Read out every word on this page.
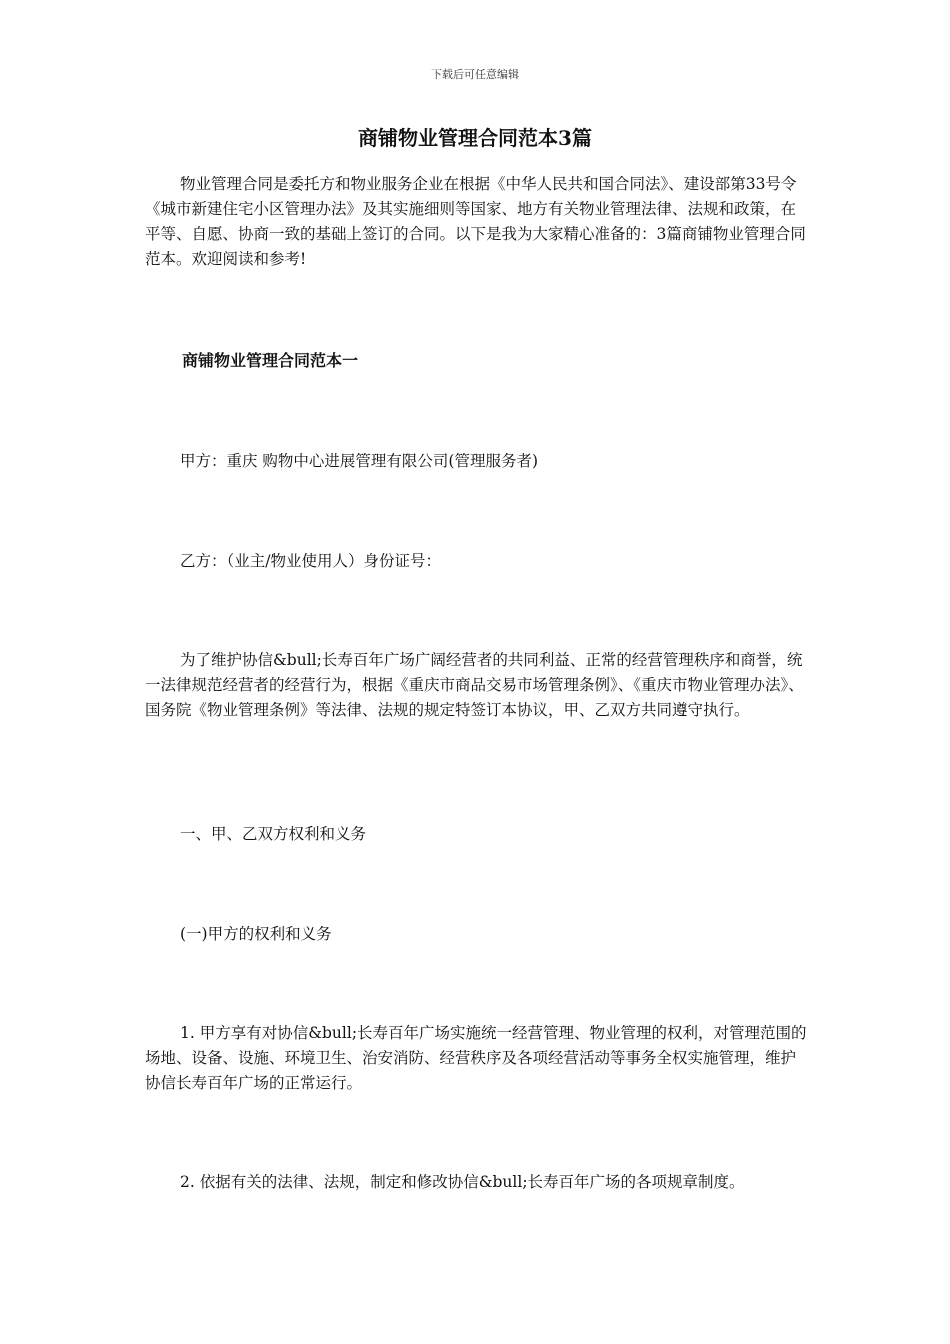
下载后可任意编辑
商铺物业管理合同范本3篇

物业管理合同是委托方和物业服务企业在根据《中华人民共和国合同法》、建设部第33号令《城市新建住宅小区管理办法》及其实施细则等国家、地方有关物业管理法律、法规和政策，在平等、自愿、协商一致的基础上签订的合同。以下是我为大家精心准备的：3篇商铺物业管理合同范本。欢迎阅读和参考!

商铺物业管理合同范本一

甲方：重庆 购物中心进展管理有限公司(管理服务者)

乙方：（业主/物业使用人）身份证号：

为了维护协信&bull;长寿百年广场广阔经营者的共同利益、正常的经营管理秩序和商誉，统一法律规范经营者的经营行为，根据《重庆市商品交易市场管理条例》、《重庆市物业管理办法》、国务院《物业管理条例》等法律、法规的规定特签订本协议，甲、乙双方共同遵守执行。

一、甲、乙双方权利和义务

(一)甲方的权利和义务

1. 甲方享有对协信&bull;长寿百年广场实施统一经营管理、物业管理的权利，对管理范围的场地、设备、设施、环境卫生、治安消防、经营秩序及各项经营活动等事务全权实施管理，维护协信长寿百年广场的正常运行。

2. 依据有关的法律、法规，制定和修改协信&bull;长寿百年广场的各项规章制度。
